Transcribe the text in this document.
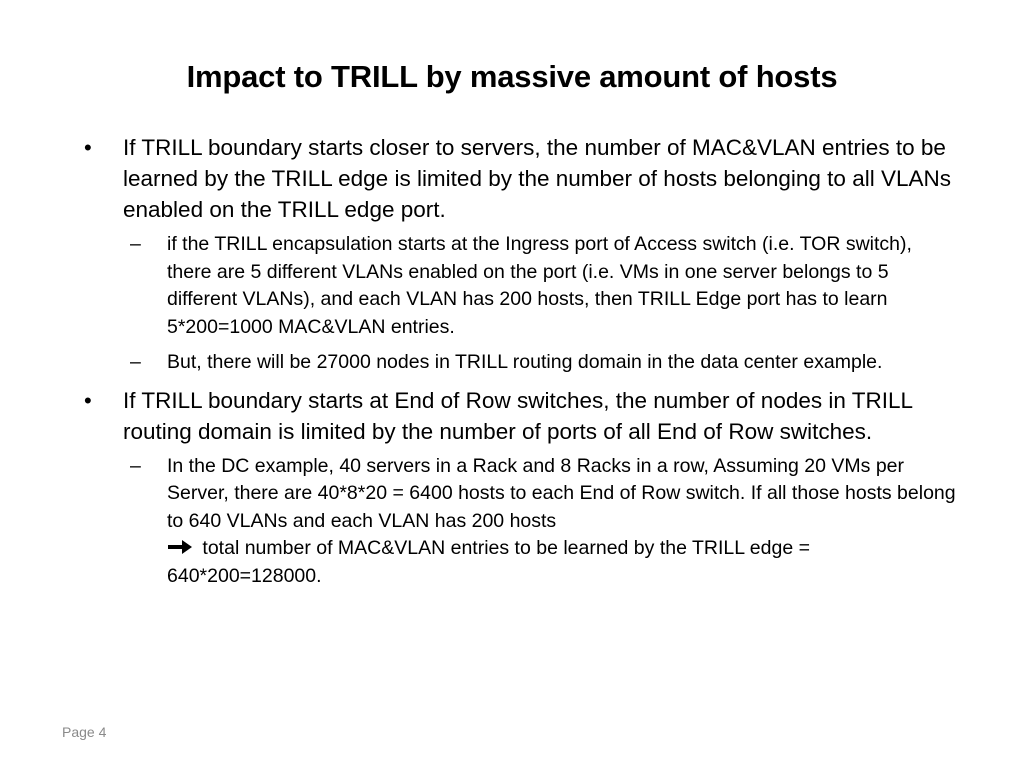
Impact to TRILL by massive amount of hosts
• If TRILL boundary starts closer to servers, the number of MAC&VLAN entries to be learned by the TRILL edge is limited by the number of hosts belonging to all VLANs enabled on the TRILL edge port.
– if the TRILL encapsulation starts at the Ingress port of Access switch (i.e. TOR switch), there are 5 different VLANs enabled on the port (i.e. VMs in one server belongs to 5 different VLANs), and each VLAN has 200 hosts, then TRILL Edge port has to learn 5*200=1000 MAC&VLAN entries.
– But, there will be 27000 nodes in TRILL routing domain in the data center example.
• If TRILL boundary starts at End of Row switches, the number of nodes in TRILL routing domain is limited by the number of ports of all End of Row switches.
– In the DC example, 40 servers in a Rack and 8 Racks in a row, Assuming 20 VMs per Server, there are 40*8*20 = 6400 hosts to each End of Row switch. If all those hosts belong to 640 VLANs and each VLAN has 200 hosts
total number of MAC&VLAN entries to be learned by the TRILL edge = 640*200=128000.
Page 4
